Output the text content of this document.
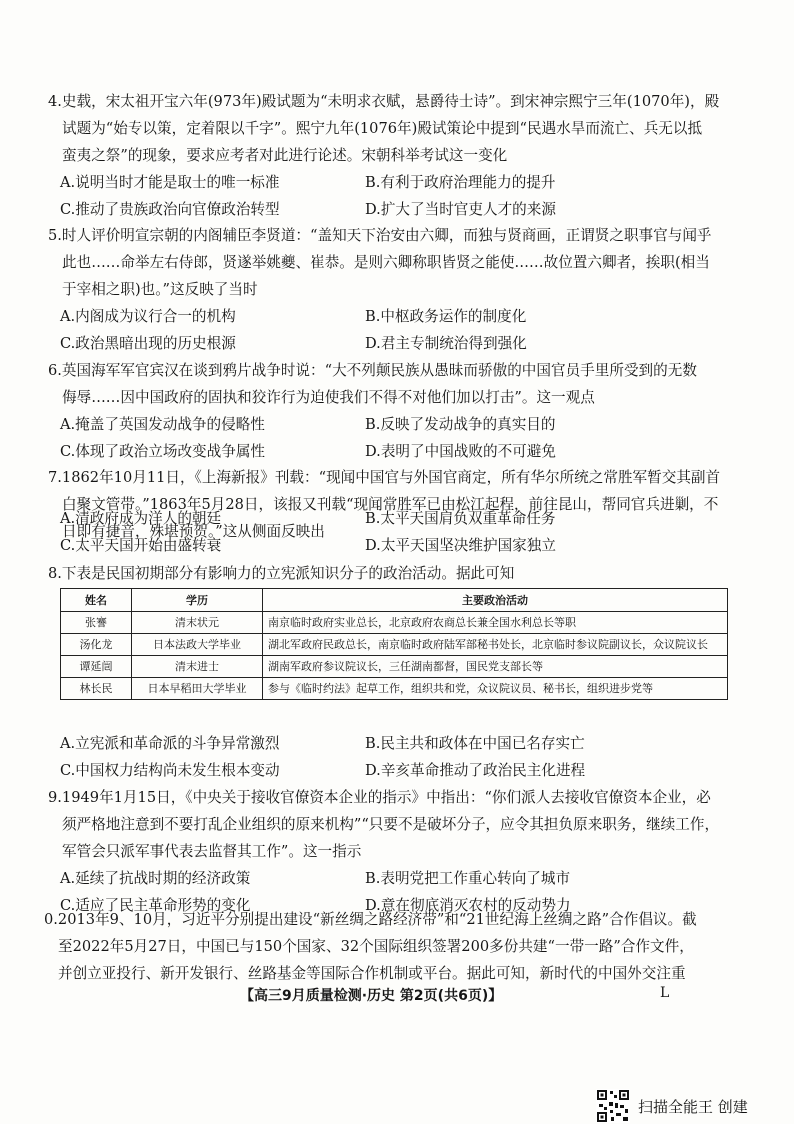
4.史载，宋太祖开宝六年(973年)殿试题为“未明求衣赋，悬爵待士诗”。到宋神宗熙宁三年(1070年)，殿
试题为“始专以策，定着限以千字”。熙宁九年(1076年)殿试策论中提到“民遇水旱而流亡、兵无以抵
蛮夷之祭”的现象，要求应考者对此进行论述。宋朝科举考试这一变化
A.说明当时才能是取士的唯一标准	B.有利于政府治理能力的提升
C.推动了贵族政治向官僚政治转型	D.扩大了当时官吏人才的来源
5.时人评价明宣宗朝的内阁辅臣李贤道：“盖知天下治安由六卿，而独与贤商画，正谓贤之职事官与闻乎
此也……命举左右侍郎，贤遂举姚夔、崔恭。是则六卿称职皆贤之能使……故位置六卿者，挨职(相当
于宰相之职)也。”这反映了当时
A.内阁成为议行合一的机构	B.中枢政务运作的制度化
C.政治黑暗出现的历史根源	D.君主专制统治得到强化
6.英国海军军官宾汉在谈到鸦片战争时说：“大不列颠民族从愚昧而骄傲的中国官员手里所受到的无数
侮辱……因中国政府的固执和狡诈行为迫使我们不得不对他们加以打击”。这一观点
A.掩盖了英国发动战争的侵略性	B.反映了发动战争的真实目的
C.体现了政治立场改变战争属性	D.表明了中国战败的不可避免
7.1862年10月11日，《上海新报》刊载：“现闻中国官与外国官商定，所有华尔所统之常胜军暂交其副首
白聚文管带。”1863年5月28日，该报又刊载“现闻常胜军已由松江起程，前往昆山，帮同官兵进剿，不
日即有捷音，殊堪预贺。”这从侧面反映出
A.清政府成为洋人的朝廷	B.太平天国肩负双重革命任务
C.太平天国开始由盛转衰	D.太平天国坚决维护国家独立
8.下表是民国初期部分有影响力的立宪派知识分子的政治活动。据此可知
姓名	学历	主要政治活动
张謇	清末状元	南京临时政府实业总长，北京政府农商总长兼全国水利总长等职
汤化龙	日本法政大学毕业	湖北军政府民政总长，南京临时政府陆军部秘书处长，北京临时参议院副议长，众议院议长
谭延闿	清末进士	湖南军政府参议院议长，三任湖南都督，国民党支部长等
林长民	日本早稻田大学毕业	参与《临时约法》起草工作，组织共和党，众议院议员、秘书长，组织进步党等
A.立宪派和革命派的斗争异常激烈	B.民主共和政体在中国已名存实亡
C.中国权力结构尚未发生根本变动	D.辛亥革命推动了政治民主化进程
9.1949年1月15日，《中央关于接收官僚资本企业的指示》中指出：“你们派人去接收官僚资本企业，必
须严格地注意到不要打乱企业组织的原来机构”“只要不是破坏分子，应令其担负原来职务，继续工作，
军管会只派军事代表去监督其工作”。这一指示
A.延续了抗战时期的经济政策	B.表明党把工作重心转向了城市
C.适应了民主革命形势的变化	D.意在彻底消灭农村的反动势力
0.2013年9、10月，习近平分别提出建设“新丝绸之路经济带”和“21世纪海上丝绸之路”合作倡议。截
至2022年5月27日，中国已与150个国家、32个国际组织签署200多份共建“一带一路”合作文件，
并创立亚投行、新开发银行、丝路基金等国际合作机制或平台。据此可知，新时代的中国外交注重
【高三9月质量检测·历史 第2页(共6页)】	L
扫描全能王 创建
